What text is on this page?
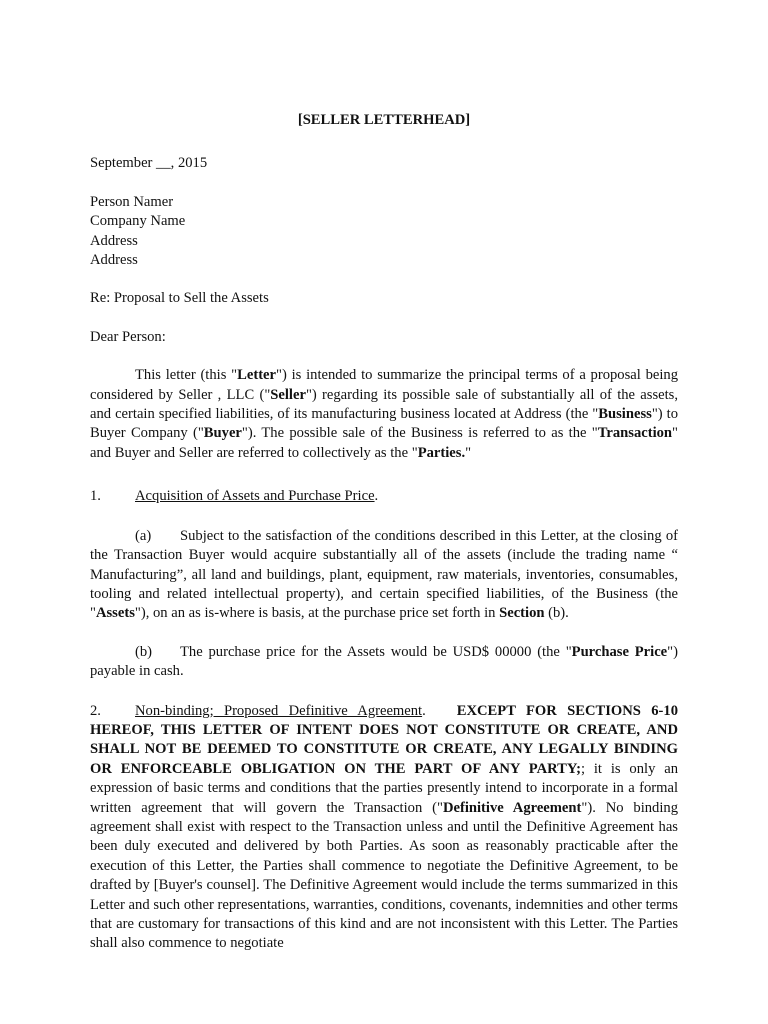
[SELLER LETTERHEAD]

September __, 2015

Person Namer

Company Name

Address

Address

Re: Proposal to Sell the Assets

Dear Person:

This letter (this "Letter") is intended to summarize the principal terms of a proposal being considered by Seller , LLC ("Seller") regarding its possible sale of substantially all of the assets, and certain specified liabilities, of its manufacturing business located at Address (the "Business") to Buyer Company ("Buyer"). The possible sale of the Business is referred to as the "Transaction" and Buyer and Seller are referred to collectively as the "Parties."

1. Acquisition of Assets and Purchase Price.

(a) Subject to the satisfaction of the conditions described in this Letter, at the closing of the Transaction Buyer would acquire substantially all of the assets (include the trading name “ Manufacturing”, all land and buildings, plant, equipment, raw materials, inventories, consumables, tooling and related intellectual property), and certain specified liabilities, of the Business (the "Assets"), on an as is-where is basis, at the purchase price set forth in Section (b).

(b) The purchase price for the Assets would be USD$ 00000 (the "Purchase Price") payable in cash.

2. Non-binding; Proposed Definitive Agreement. EXCEPT FOR SECTIONS 6-10 HEREOF, THIS LETTER OF INTENT DOES NOT CONSTITUTE OR CREATE, AND SHALL NOT BE DEEMED TO CONSTITUTE OR CREATE, ANY LEGALLY BINDING OR ENFORCEABLE OBLIGATION ON THE PART OF ANY PARTY;; it is only an expression of basic terms and conditions that the parties presently intend to incorporate in a formal written agreement that will govern the Transaction ("Definitive Agreement"). No binding agreement shall exist with respect to the Transaction unless and until the Definitive Agreement has been duly executed and delivered by both Parties. As soon as reasonably practicable after the execution of this Letter, the Parties shall commence to negotiate the Definitive Agreement, to be drafted by [Buyer's counsel]. The Definitive Agreement would include the terms summarized in this Letter and such other representations, warranties, conditions, covenants, indemnities and other terms that are customary for transactions of this kind and are not inconsistent with this Letter. The Parties shall also commence to negotiate
